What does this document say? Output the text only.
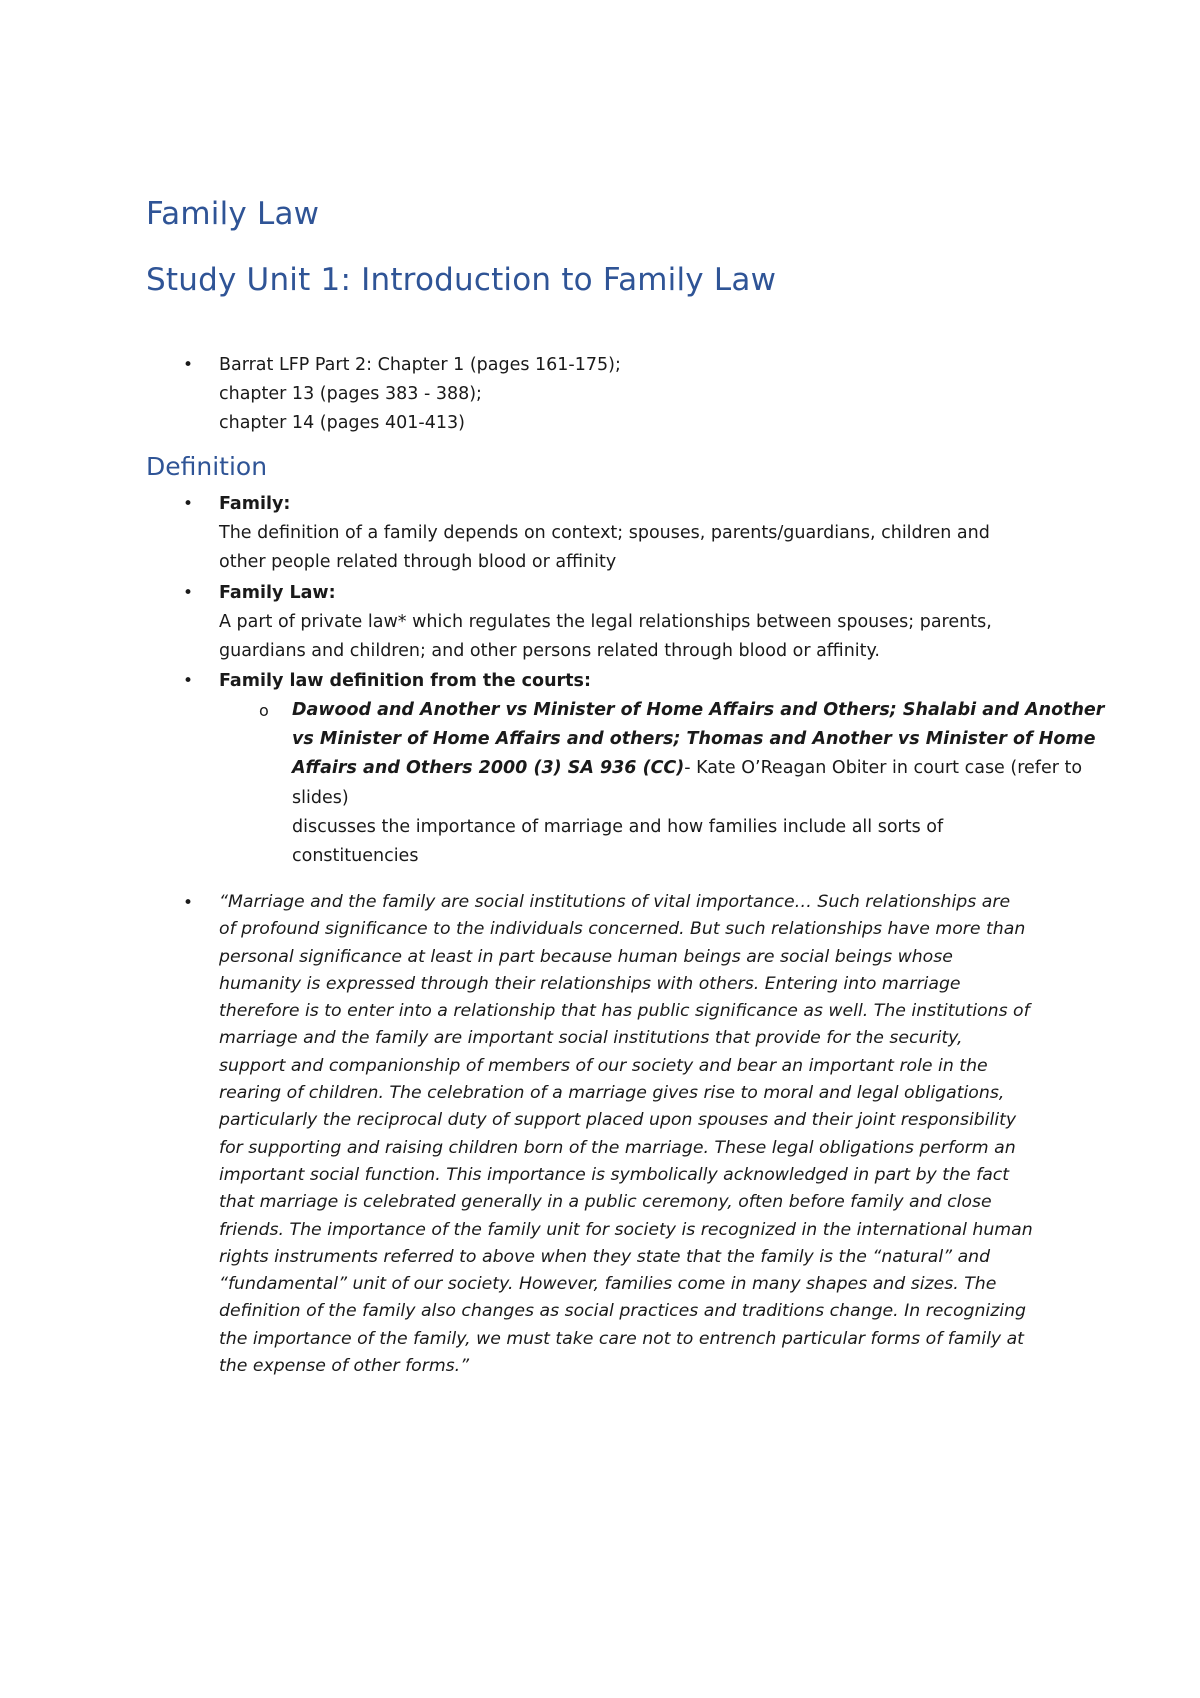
Family Law
Study Unit 1: Introduction to Family Law
• Barrat LFP Part 2: Chapter 1 (pages 161-175);
chapter 13 (pages 383 - 388);
chapter 14 (pages 401-413)
Definition
• Family:
The definition of a family depends on context; spouses, parents/guardians, children and
other people related through blood or affinity
• Family Law:
A part of private law* which regulates the legal relationships between spouses; parents,
guardians and children; and other persons related through blood or affinity.
• Family law definition from the courts:
o Dawood and Another vs Minister of Home Affairs and Others; Shalabi and Another
vs Minister of Home Affairs and others; Thomas and Another vs Minister of Home
Affairs and Others 2000 (3) SA 936 (CC)- Kate O’Reagan Obiter in court case (refer to
slides)
discusses the importance of marriage and how families include all sorts of
constituencies
• “Marriage and the family are social institutions of vital importance… Such relationships are
of profound significance to the individuals concerned. But such relationships have more than
personal significance at least in part because human beings are social beings whose
humanity is expressed through their relationships with others. Entering into marriage
therefore is to enter into a relationship that has public significance as well. The institutions of
marriage and the family are important social institutions that provide for the security,
support and companionship of members of our society and bear an important role in the
rearing of children. The celebration of a marriage gives rise to moral and legal obligations,
particularly the reciprocal duty of support placed upon spouses and their joint responsibility
for supporting and raising children born of the marriage. These legal obligations perform an
important social function. This importance is symbolically acknowledged in part by the fact
that marriage is celebrated generally in a public ceremony, often before family and close
friends. The importance of the family unit for society is recognized in the international human
rights instruments referred to above when they state that the family is the “natural” and
“fundamental” unit of our society. However, families come in many shapes and sizes. The
definition of the family also changes as social practices and traditions change. In recognizing
the importance of the family, we must take care not to entrench particular forms of family at
the expense of other forms.”
